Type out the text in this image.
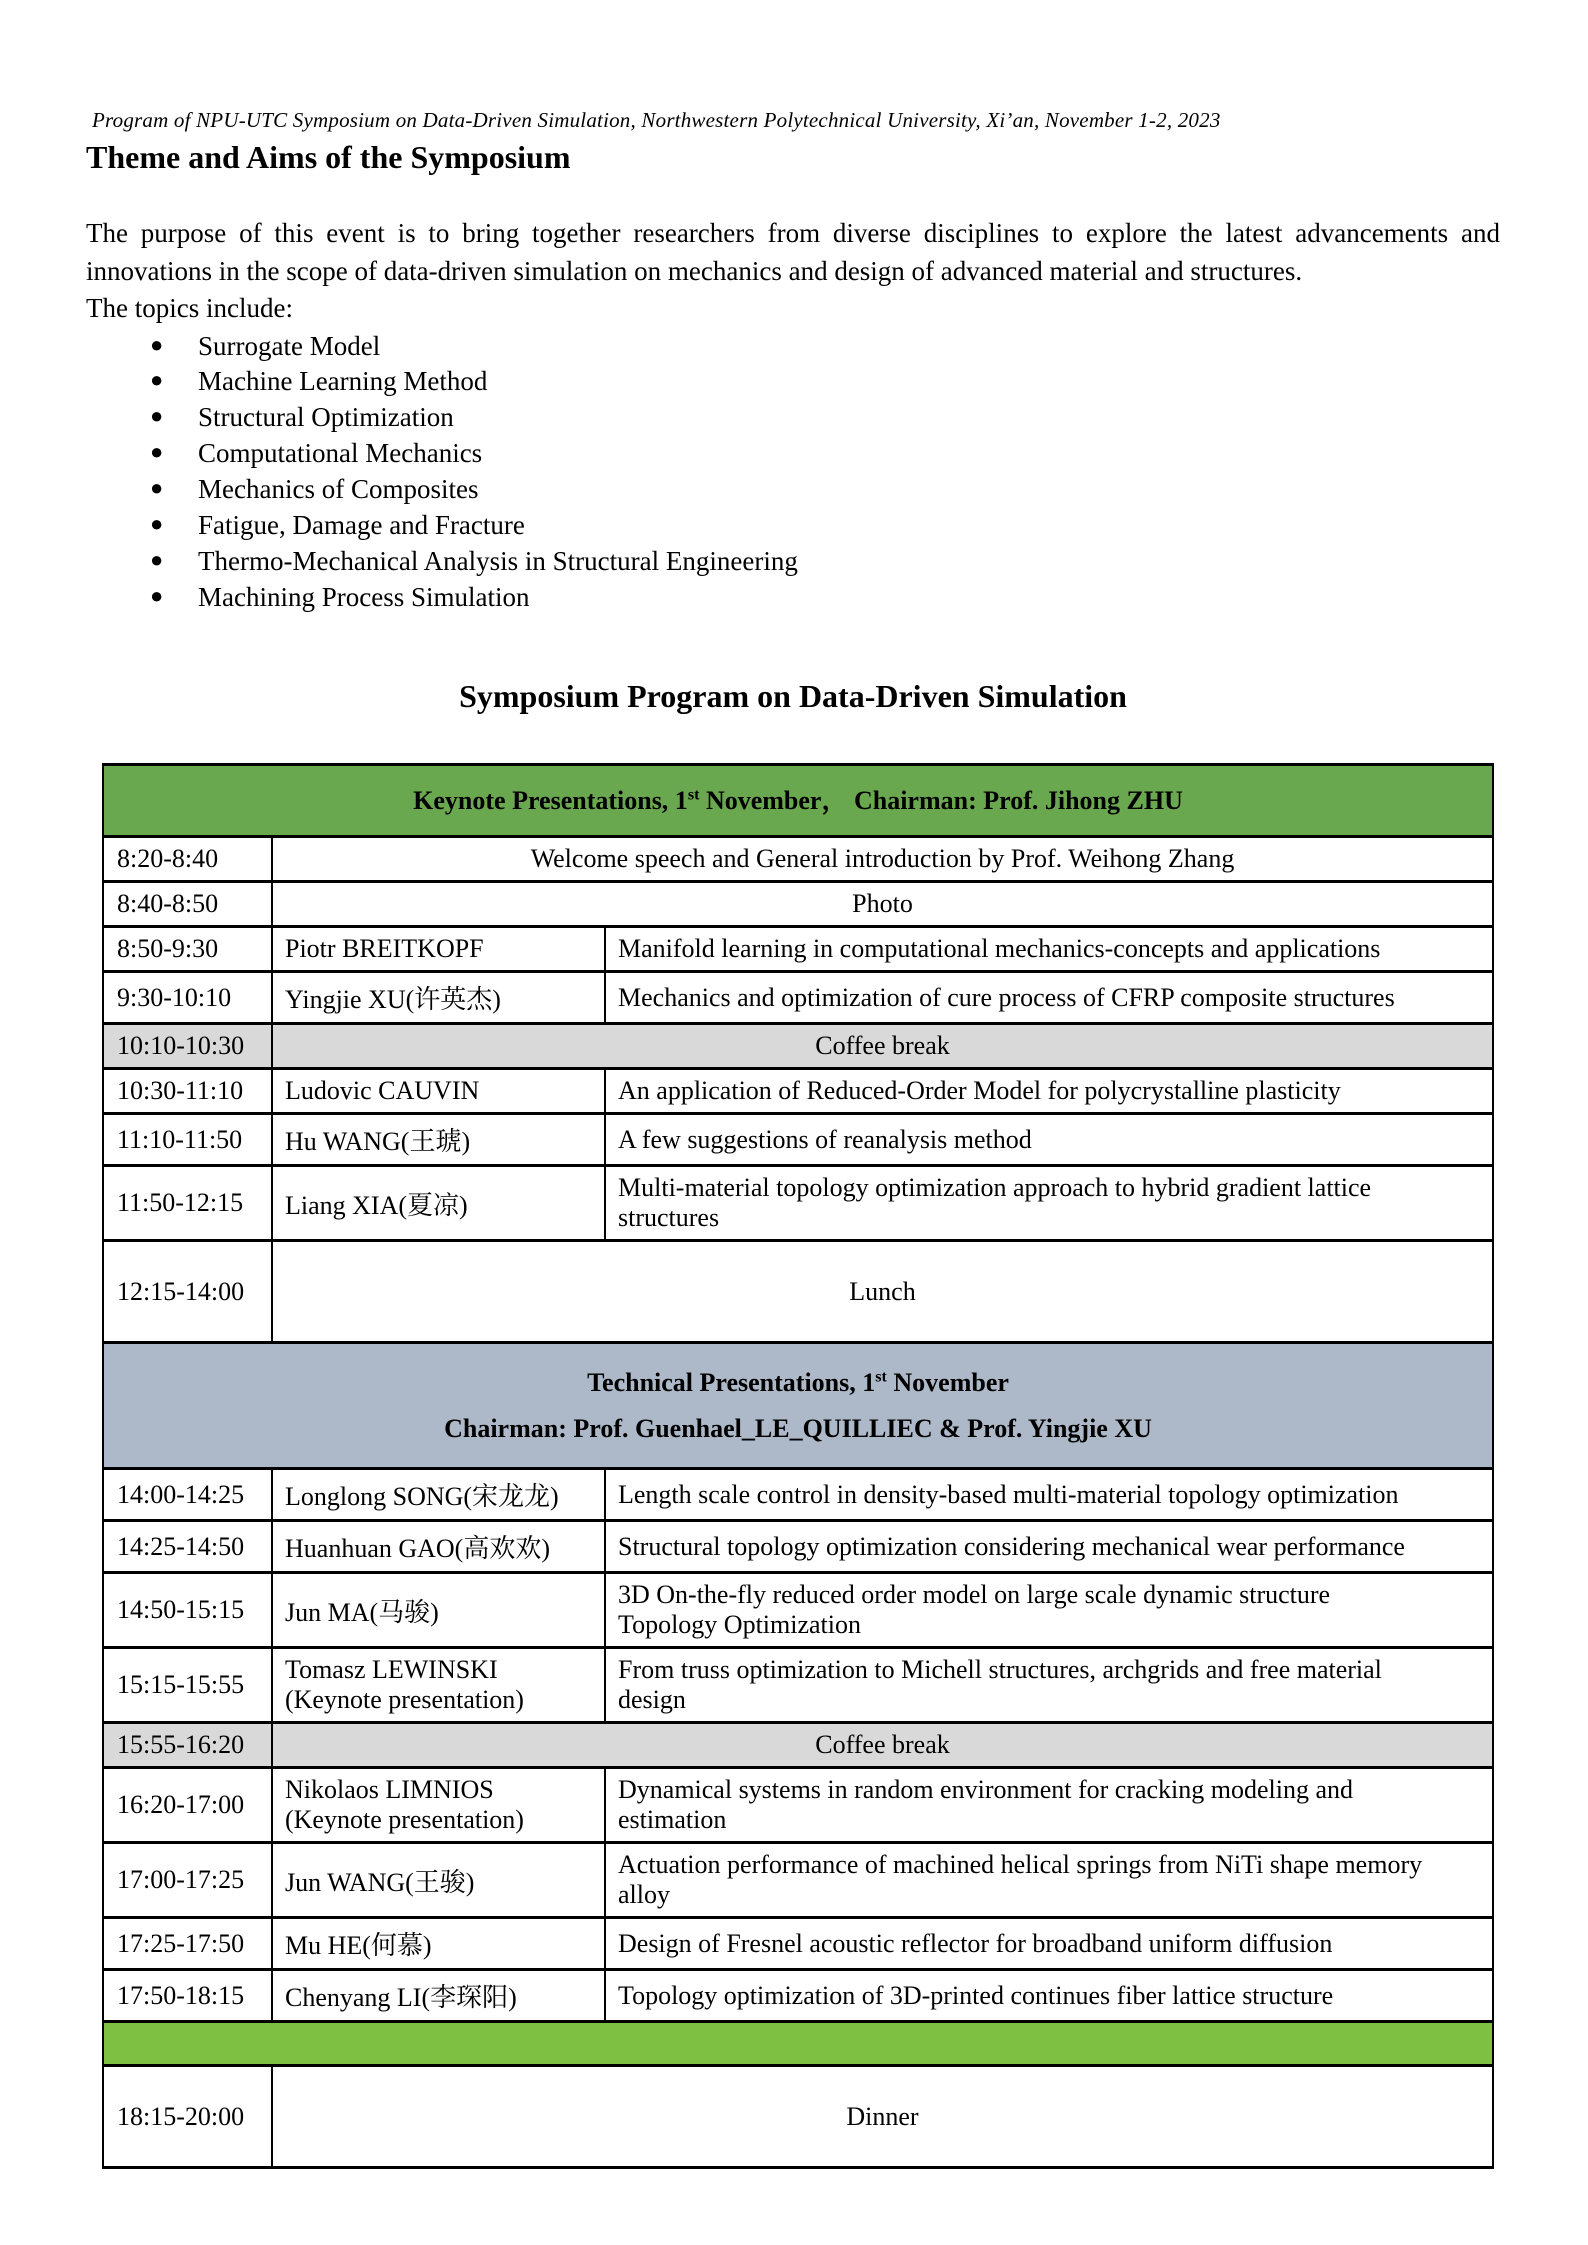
Program of NPU-UTC Symposium on Data-Driven Simulation, Northwestern Polytechnical University, Xi’an, November 1-2, 2023
Theme and Aims of the Symposium

The purpose of this event is to bring together researchers from diverse disciplines to explore the latest advancements and innovations in the scope of data-driven simulation on mechanics and design of advanced material and structures.

The topics include:
● Surrogate Model
● Machine Learning Method
● Structural Optimization
● Computational Mechanics
● Mechanics of Composites
● Fatigue, Damage and Fracture
● Thermo-Mechanical Analysis in Structural Engineering
● Machining Process Simulation
Symposium Program on Data-Driven Simulation
Keynote Presentations, 1st November， Chairman: Prof. Jihong ZHU		

8:20-8:40	Welcome speech and General introduction by Prof. Weihong Zhang	
8:40-8:50	Photo	
8:50-9:30	Piotr BREITKOPF	Manifold learning in computational mechanics-concepts and applications
9:30-10:10	Yingjie XU(许英杰)	Mechanics and optimization of cure process of CFRP composite structures
10:10-10:30	Coffee break	
10:30-11:10	Ludovic CAUVIN	An application of Reduced-Order Model for polycrystalline plasticity
11:10-11:50	Hu WANG(王琥)	A few suggestions of reanalysis method
11:50-12:15	Liang XIA(夏凉)	Multi-material topology optimization approach to hybrid gradient lattice
structures
12:15-14:00	Lunch	

Technical Presentations, 1st November
Chairman: Prof. Guenhael_LE_QUILLIEC & Prof. Yingjie XU		

14:00-14:25	Longlong SONG(宋龙龙)	Length scale control in density-based multi-material topology optimization
14:25-14:50	Huanhuan GAO(高欢欢)	Structural topology optimization considering mechanical wear performance
14:50-15:15	Jun MA(马骏)	3D On-the-fly reduced order model on large scale dynamic structure
Topology Optimization
15:15-15:55	Tomasz LEWINSKI
(Keynote presentation)	From truss optimization to Michell structures, archgrids and free material
design
15:55-16:20	Coffee break	
16:20-17:00	Nikolaos LIMNIOS
(Keynote presentation)	Dynamical systems in random environment for cracking modeling and
estimation
17:00-17:25	Jun WANG(王骏)	Actuation performance of machined helical springs from NiTi shape memory
alloy
17:25-17:50	Mu HE(何慕)	Design of Fresnel acoustic reflector for broadband uniform diffusion
17:50-18:15	Chenyang LI(李琛阳)	Topology optimization of 3D-printed continues fiber lattice structure

18:15-20:00	Dinner	
